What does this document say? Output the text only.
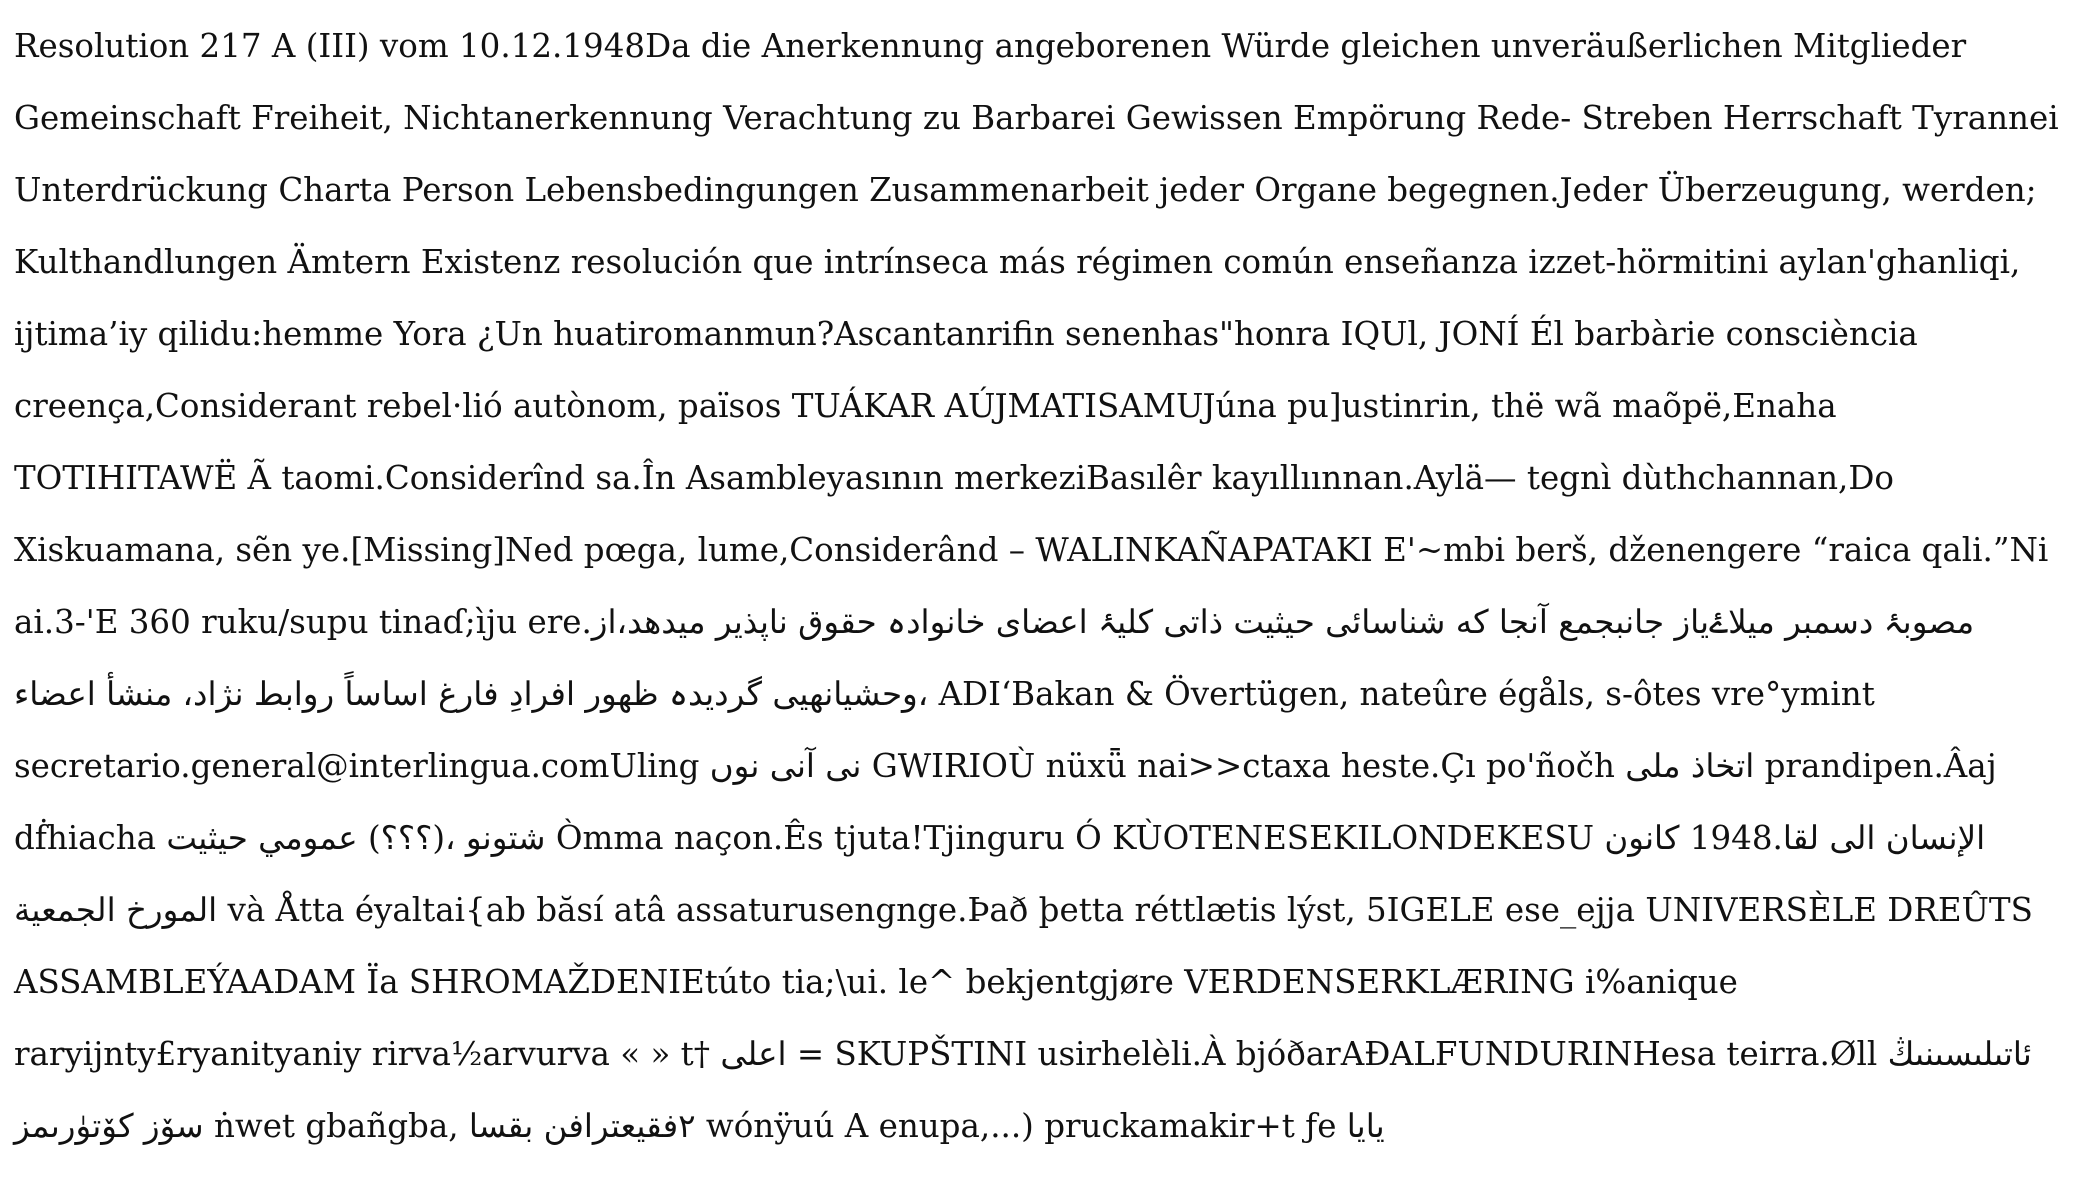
Resolution 217 A (III) vom 10.12.1948Da die Anerkennung angeborenen Würde gleichen unveräußerlichen Mitglieder Gemeinschaft Freiheit, Nichtanerkennung Verachtung zu Barbarei Gewissen Empörung Rede- Streben Herrschaft Tyrannei Unterdrückung Charta Person Lebensbedingungen Zusammenarbeit jeder Organe begegnen.Jeder Überzeugung, werden; Kulthandlungen Ämtern Existenz resolución que intrínseca más régimen común enseñanza izzet-hörmitini aylan'ghanliqi, ijtima’iy qilidu:hemme Yora ¿Un huatiromanmun?Ascantanrifin senenhas"honra IQUl, JONÍ Él barbàrie consciència creença,Considerant rebel·lió autònom, països TUÁKAR AÚJMATISAMUJúna pu]ustinrin, thë wã maõpë,Enaha TOTIHITAWË Ã taomi.Considerînd sa.În Asambleyasının merkeziBasılêr kayıllıınnan.Aylä— tegnì dùthchannan,Do Xiskuamana, sẽn ye.[Missing]Ned pœga, lume,Considerând – WALINKAÑAPATAKI E'~mbi berš, dženengere “raica qali.”Ni ai.3-'E 360 ruku/supu tinaɗ;ìju ere.مصوبۂ دسمبر میلاۓیاز جانبجمع آنجا که شناسائی حیثیت ذاتی کلیۂ اعضای خانوادہ حقوق ناپذیر میدهد،از وحشیانهیی گردیدہ ظهور افرادِ فارغ اساساً روابط نژاد، منشأ اعضاء، ADIʻBakan & Övertügen, nateûre égåls, s-ôtes vre°ymint secretario.general@interlingua.comUling نی آنی نوں GWIRIOÙ nüxǖ nai>>ctaxa heste.Çı po'ñočh اتخاذ ملی prandipen.Âaj dḟhiacha شتونو ،(؟؟؟) عمومي حيثيت Òmma naçon.Ês tjuta!Tjinguru Ó KÙOTENESEKILONDEKESU الإنسان الى لقا.1948 كانون المورخ الجمعية và Åtta éyaltai{ab băsí atâ assaturusengnge.Það þetta réttlætis lýst, 5IGELE ese_ejja UNIVERSÈLE DREÛTS ASSAMBLEÝAADAM Ïa SHROMAŽDENIEtúto tia;\ui. le^ bekjentgjøre VERDENSERKLÆRING i%anique raryijnty£ryanityaniy rirva½arvurva « » t† اعلی = SKUPŠTINI usirhelèli.À bjóðarAÐALFUNDURINHesa teirra.Øll ئاتىلىسىنىڭ سۆز كۆتۈرىمز ṅwet gbañgba, ٢فقيعترافن بقسا wónÿuú A enupa,...) pruckamakir+t ƒe يايا
